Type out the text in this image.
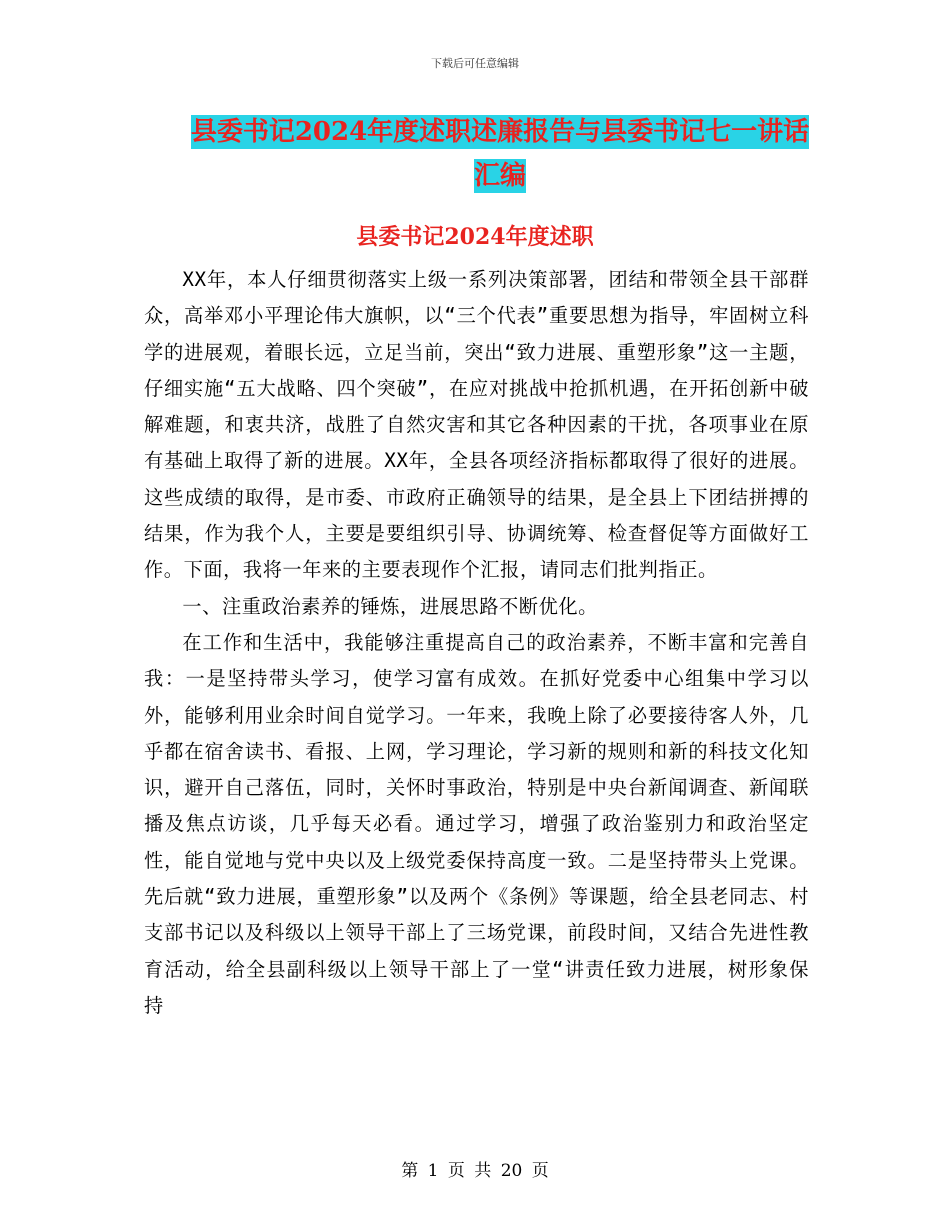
下载后可任意编辑
县委书记2024年度述职述廉报告与县委书记七一讲话
汇编
县委书记2024年度述职

XX年，本人仔细贯彻落实上级一系列决策部署，团结和带领全县干部群众，高举邓小平理论伟大旗帜，以“三个代表”重要思想为指导，牢固树立科学的进展观，着眼长远，立足当前，突出“致力进展、重塑形象”这一主题，仔细实施“五大战略、四个突破”，在应对挑战中抢抓机遇，在开拓创新中破解难题，和衷共济，战胜了自然灾害和其它各种因素的干扰，各项事业在原有基础上取得了新的进展。XX年，全县各项经济指标都取得了很好的进展。这些成绩的取得，是市委、市政府正确领导的结果，是全县上下团结拼搏的结果，作为我个人，主要是要组织引导、协调统筹、检查督促等方面做好工作。下面，我将一年来的主要表现作个汇报，请同志们批判指正。

一、注重政治素养的锤炼，进展思路不断优化。

在工作和生活中，我能够注重提高自己的政治素养，不断丰富和完善自我：一是坚持带头学习，使学习富有成效。在抓好党委中心组集中学习以外，能够利用业余时间自觉学习。一年来，我晚上除了必要接待客人外，几乎都在宿舍读书、看报、上网，学习理论，学习新的规则和新的科技文化知识，避开自己落伍，同时，关怀时事政治，特别是中央台新闻调查、新闻联播及焦点访谈，几乎每天必看。通过学习，增强了政治鉴别力和政治坚定性，能自觉地与党中央以及上级党委保持高度一致。二是坚持带头上党课。先后就“致力进展，重塑形象”以及两个《条例》等课题，给全县老同志、村支部书记以及科级以上领导干部上了三场党课，前段时间，又结合先进性教育活动，给全县副科级以上领导干部上了一堂“讲责任致力进展，树形象保持

第 1 页 共 20 页
